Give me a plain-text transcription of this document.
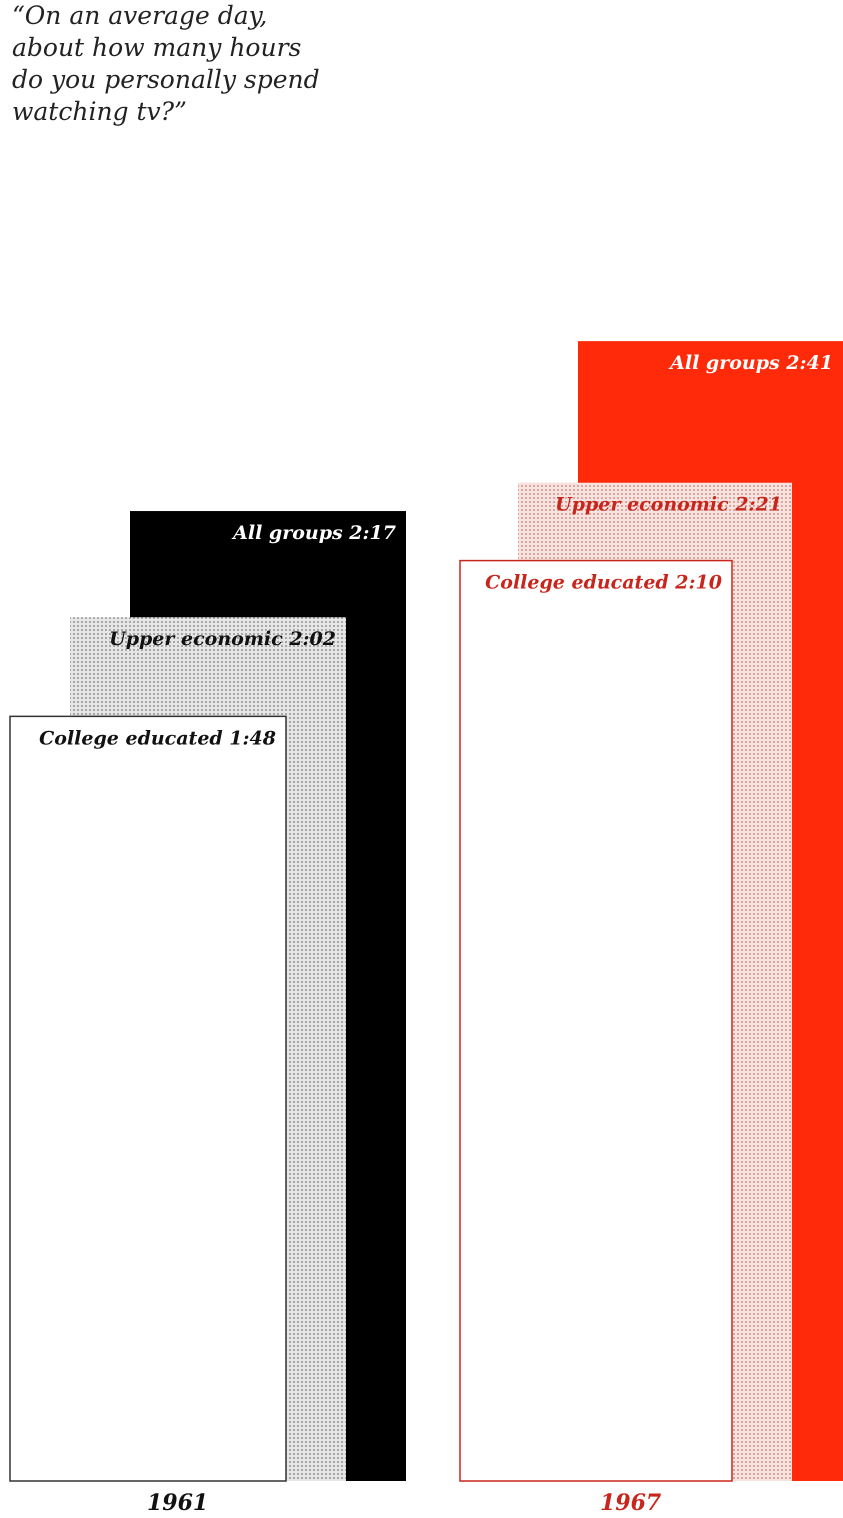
“On an average day, about how many hours do you personally spend watching tv?”
All groups 2:17
Upper economic 2:02
College educated 1:48
1961
All groups 2:41
Upper economic 2:21
College educated 2:10
1967
